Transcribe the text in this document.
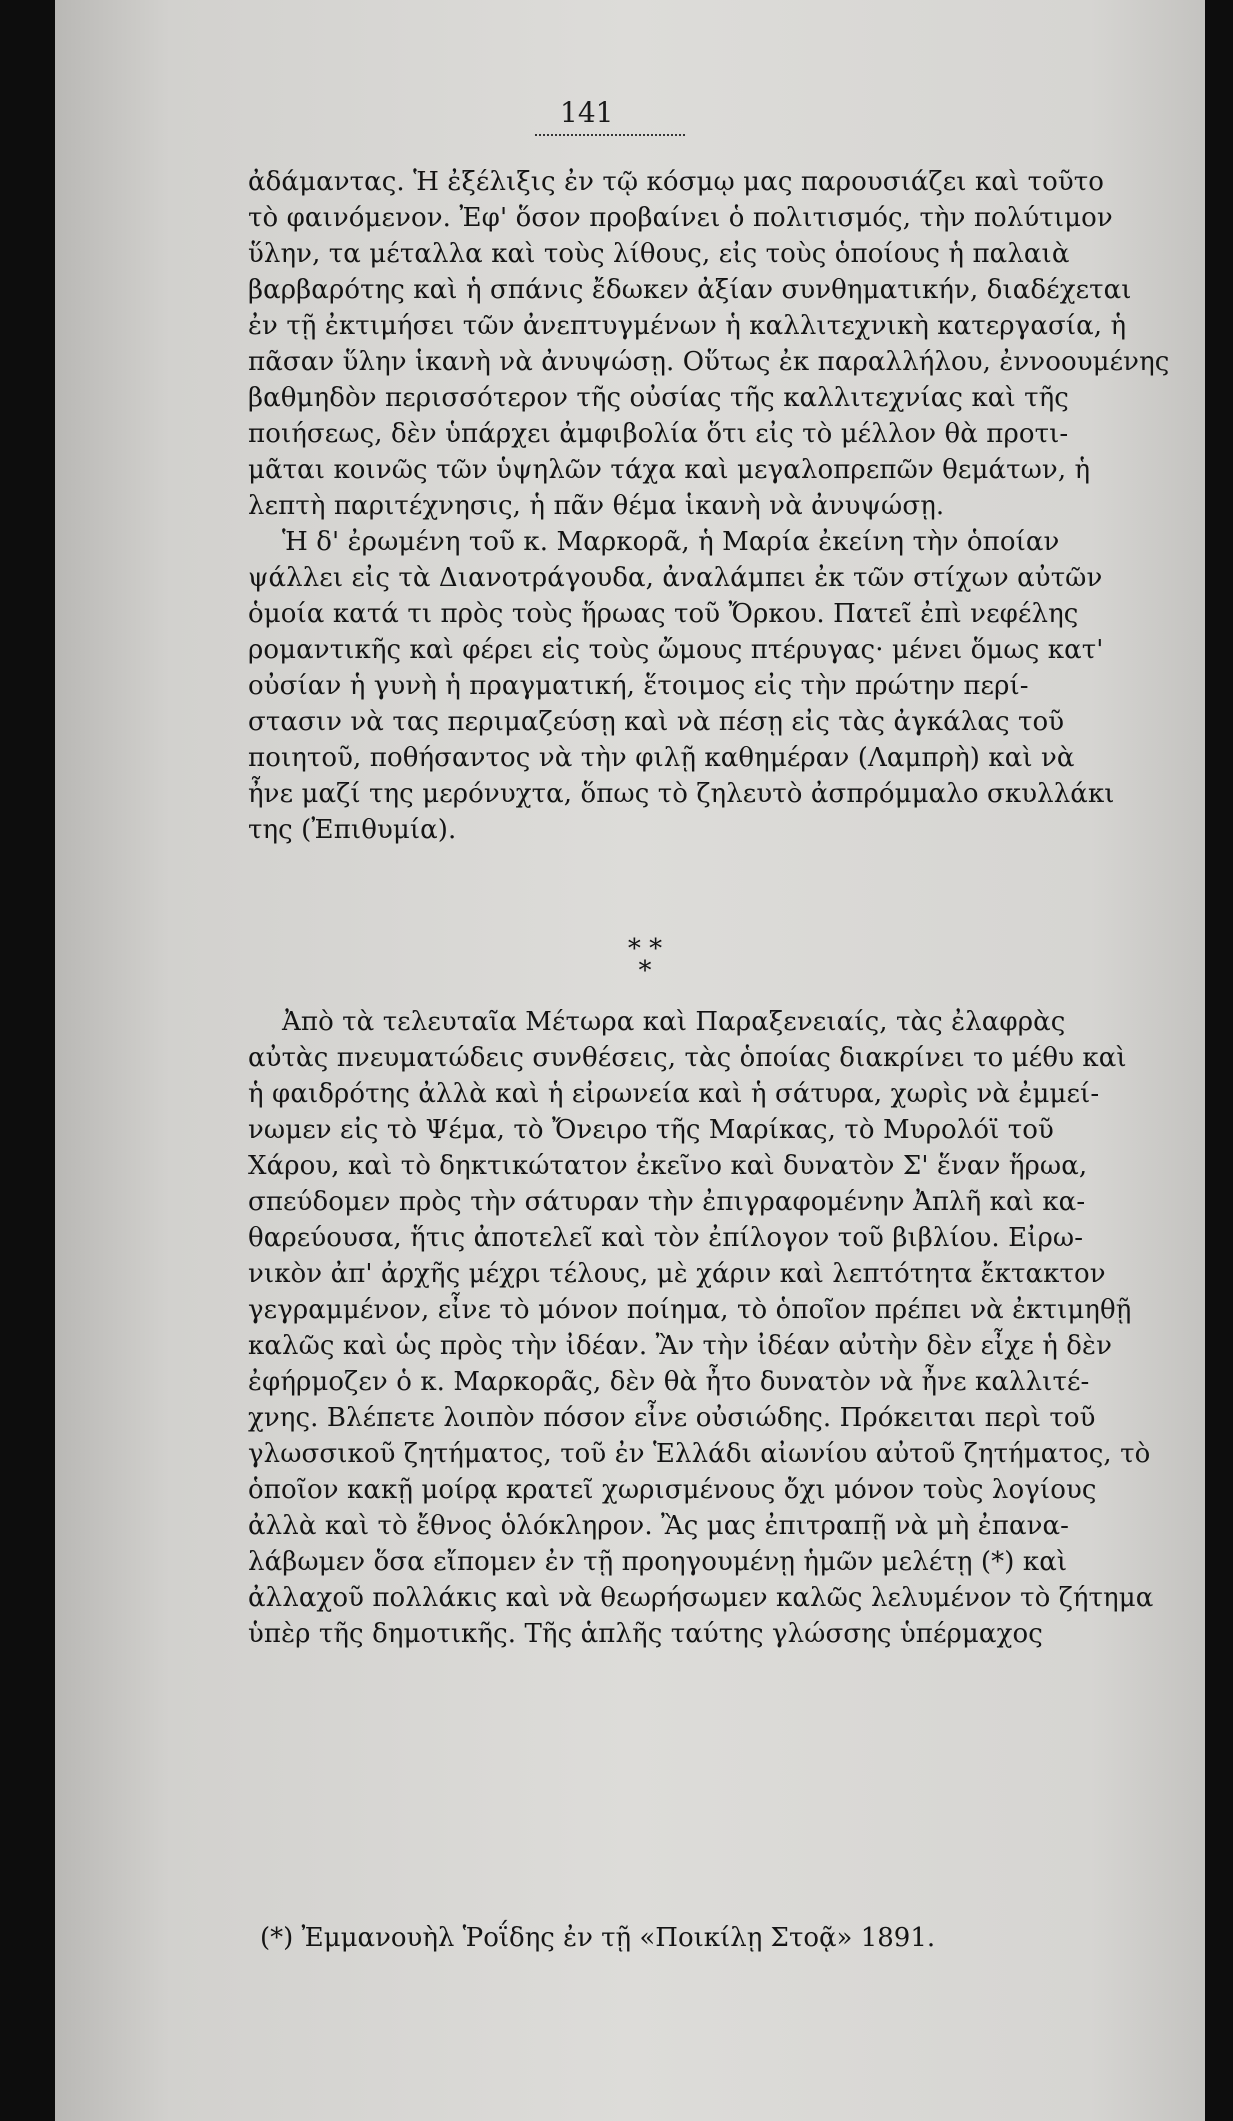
141
ἀδάμαντας. Ἡ ἐξέλιξις ἐν τῷ κόσμῳ μας παρουσιάζει καὶ τοῦτο
τὸ φαινόμενον. Ἐφ' ὅσον προβαίνει ὁ πολιτισμός, τὴν πολύτιμον
ὕλην, τα μέταλλα καὶ τοὺς λίθους, εἰς τοὺς ὁποίους ἡ παλαιὰ
βαρβαρότης καὶ ἡ σπάνις ἔδωκεν ἀξίαν συνθηματικήν, διαδέχεται
ἐν τῇ ἐκτιμήσει τῶν ἀνεπτυγμένων ἡ καλλιτεχνικὴ κατεργασία, ἡ
πᾶσαν ὕλην ἱκανὴ νὰ ἀνυψώσῃ. Οὕτως ἐκ παραλλήλου, ἐννοουμένης
βαθμηδὸν περισσότερον τῆς οὐσίας τῆς καλλιτεχνίας καὶ τῆς
ποιήσεως, δὲν ὑπάρχει ἀμφιβολία ὅτι εἰς τὸ μέλλον θὰ προτι-
μᾶται κοινῶς τῶν ὑψηλῶν τάχα καὶ μεγαλοπρεπῶν θεμάτων, ἡ
λεπτὴ παριτέχνησις, ἡ πᾶν θέμα ἱκανὴ νὰ ἀνυψώσῃ.
Ἡ δ' ἐρωμένη τοῦ κ. Μαρκορᾶ, ἡ Μαρία ἐκείνη τὴν ὁποίαν
ψάλλει εἰς τὰ Διανοτράγουδα, ἀναλάμπει ἐκ τῶν στίχων αὐτῶν
ὁμοία κατά τι πρὸς τοὺς ἥρωας τοῦ Ὄρκου. Πατεῖ ἐπὶ νεφέλης
ρομαντικῆς καὶ φέρει εἰς τοὺς ὤμους πτέρυγας· μένει ὅμως κατ'
οὐσίαν ἡ γυνὴ ἡ πραγματική, ἕτοιμος εἰς τὴν πρώτην περί-
στασιν νὰ τας περιμαζεύσῃ καὶ νὰ πέσῃ εἰς τὰς ἀγκάλας τοῦ
ποιητοῦ, ποθήσαντος νὰ τὴν φιλῇ καθημέραν (Λαμπρὴ) καὶ νὰ
ἦνε μαζί της μερόνυχτα, ὅπως τὸ ζηλευτὸ ἀσπρόμμαλο σκυλλάκι
της (Ἐπιθυμία).
* *
*
Ἀπὸ τὰ τελευταῖα Μέτωρα καὶ Παραξενειαίς, τὰς ἐλαφρὰς
αὐτὰς πνευματώδεις συνθέσεις, τὰς ὁποίας διακρίνει το μέθυ καὶ
ἡ φαιδρότης ἀλλὰ καὶ ἡ εἰρωνεία καὶ ἡ σάτυρα, χωρὶς νὰ ἐμμεί-
νωμεν εἰς τὸ Ψέμα, τὸ Ὄνειρο τῆς Μαρίκας, τὸ Μυρολόϊ τοῦ
Χάρου, καὶ τὸ δηκτικώτατον ἐκεῖνο καὶ δυνατὸν Σ' ἕναν ἥρωα,
σπεύδομεν πρὸς τὴν σάτυραν τὴν ἐπιγραφομένην Ἀπλῆ καὶ κα-
θαρεύουσα, ἥτις ἀποτελεῖ καὶ τὸν ἐπίλογον τοῦ βιβλίου. Εἰρω-
νικὸν ἀπ' ἀρχῆς μέχρι τέλους, μὲ χάριν καὶ λεπτότητα ἔκτακτον
γεγραμμένον, εἶνε τὸ μόνον ποίημα, τὸ ὁποῖον πρέπει νὰ ἐκτιμηθῇ
καλῶς καὶ ὡς πρὸς τὴν ἰδέαν. Ἂν τὴν ἰδέαν αὐτὴν δὲν εἶχε ἡ δὲν
ἐφήρμοζεν ὁ κ. Μαρκορᾶς, δὲν θὰ ἦτο δυνατὸν νὰ ἦνε καλλιτέ-
χνης. Βλέπετε λοιπὸν πόσον εἶνε οὐσιώδης. Πρόκειται περὶ τοῦ
γλωσσικοῦ ζητήματος, τοῦ ἐν Ἑλλάδι αἰωνίου αὐτοῦ ζητήματος, τὸ
ὁποῖον κακῇ μοίρᾳ κρατεῖ χωρισμένους ὄχι μόνον τοὺς λογίους
ἀλλὰ καὶ τὸ ἔθνος ὁλόκληρον. Ἂς μας ἐπιτραπῇ νὰ μὴ ἐπανα-
λάβωμεν ὅσα εἴπομεν ἐν τῇ προηγουμένῃ ἡμῶν μελέτῃ (*) καὶ
ἀλλαχοῦ πολλάκις καὶ νὰ θεωρήσωμεν καλῶς λελυμένον τὸ ζήτημα
ὑπὲρ τῆς δημοτικῆς. Τῆς ἁπλῆς ταύτης γλώσσης ὑπέρμαχος
(*) Ἐμμανουὴλ Ῥοΐδης ἐν τῇ «Ποικίλῃ Στοᾷ» 1891.
